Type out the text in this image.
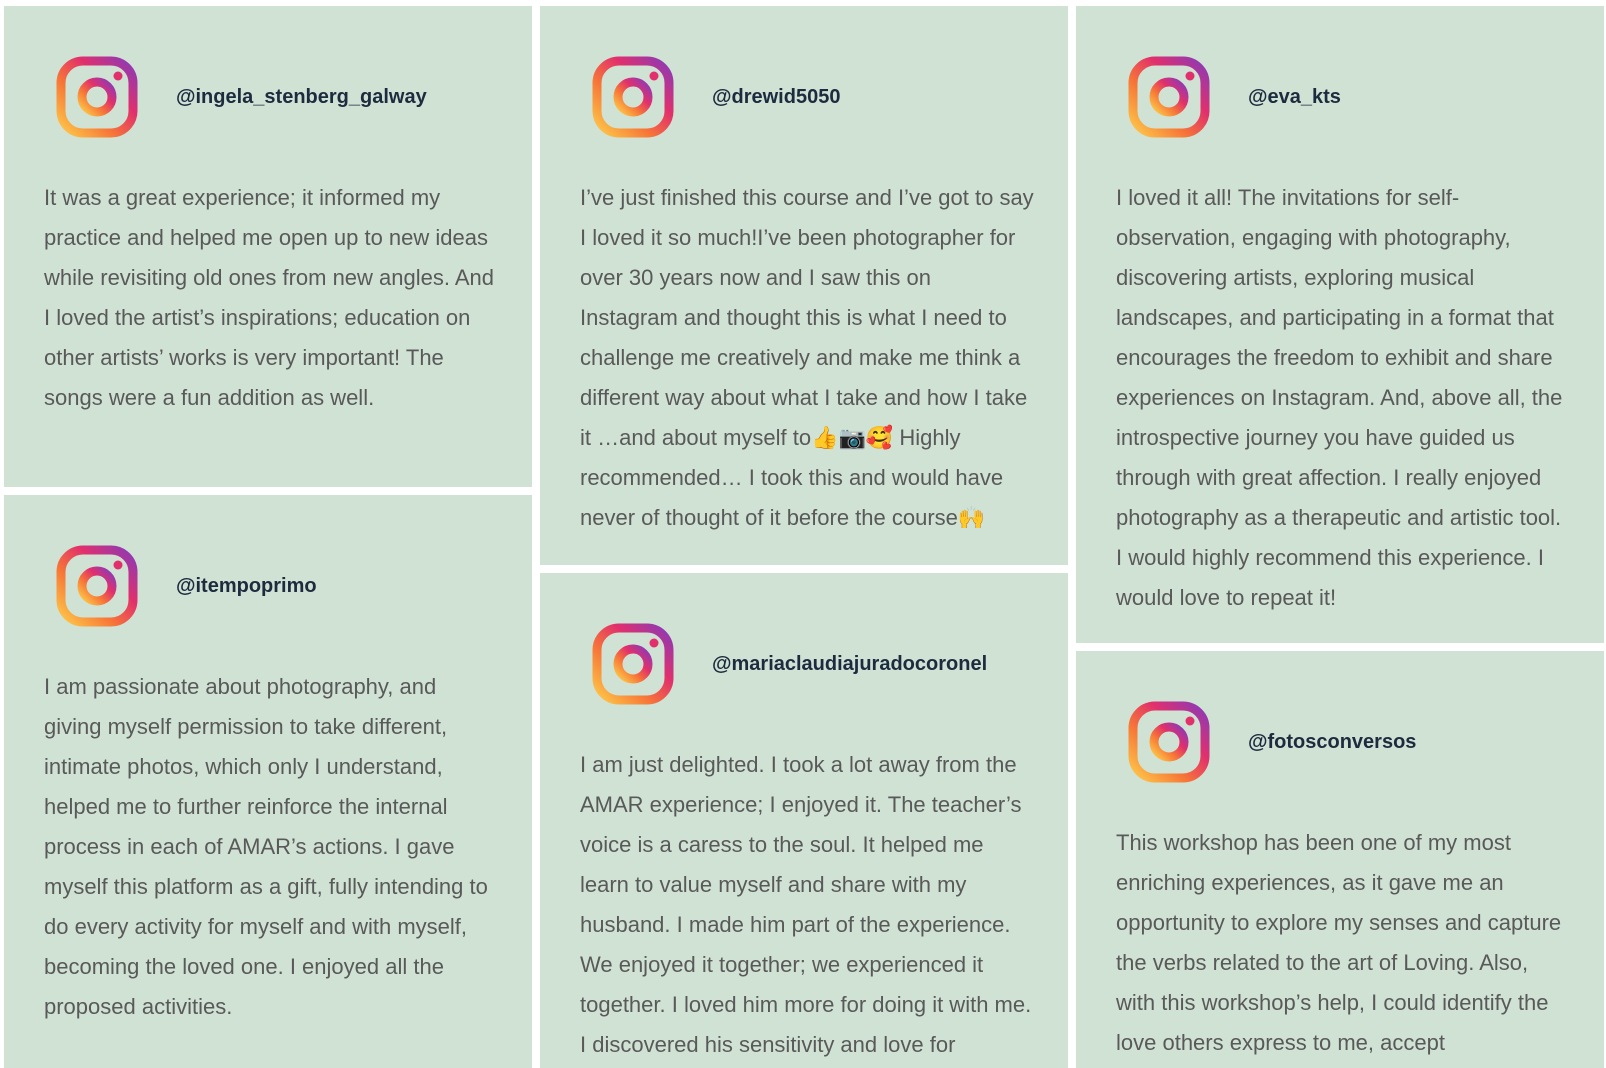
@ingela_stenberg_galway
It was a great experience; it informed my practice and helped me open up to new ideas while revisiting old ones from new angles. And I loved the artist’s inspirations; education on other artists’ works is very important! The songs were a fun addition as well.
@itempoprimo
I am passionate about photography, and giving myself permission to take different, intimate photos, which only I understand, helped me to further reinforce the internal process in each of AMAR’s actions. I gave myself this platform as a gift, fully intending to do every activity for myself and with myself, becoming the loved one. I enjoyed all the proposed activities.
@drewid5050
I’ve just finished this course and I’ve got to say I loved it so much!I’ve been photographer for over 30 years now and I saw this on Instagram and thought this is what I need to challenge me creatively and make me think a different way about what I take and how I take it …and about myself to👍📷🥰 Highly recommended… I took this and would have never of thought of it before the course🙌
@mariaclaudiajuradocoronel
I am just delighted. I took a lot away from the AMAR experience; I enjoyed it. The teacher’s voice is a caress to the soul. It helped me learn to value myself and share with my husband. I made him part of the experience. We enjoyed it together; we experienced it together. I loved him more for doing it with me. I discovered his sensitivity and love for
@eva_kts
I loved it all! The invitations for self-observation, engaging with photography, discovering artists, exploring musical landscapes, and participating in a format that encourages the freedom to exhibit and share experiences on Instagram. And, above all, the introspective journey you have guided us through with great affection. I really enjoyed photography as a therapeutic and artistic tool. I would highly recommend this experience. I would love to repeat it!
@fotosconversos
This workshop has been one of my most enriching experiences, as it gave me an opportunity to explore my senses and capture the verbs related to the art of Loving. Also, with this workshop’s help, I could identify the love others express to me, accept
